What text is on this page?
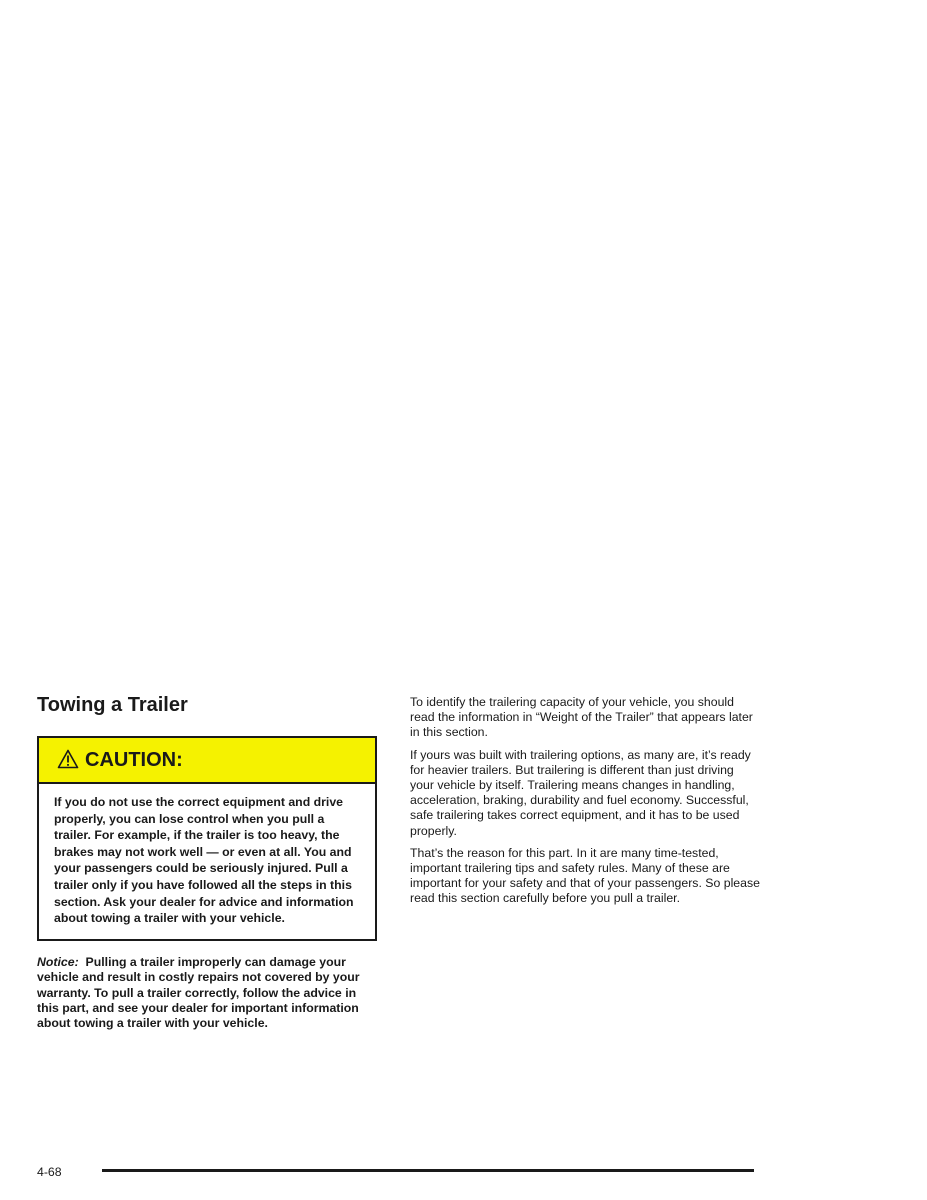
Towing a Trailer
CAUTION:
If you do not use the correct equipment and drive properly, you can lose control when you pull a trailer. For example, if the trailer is too heavy, the brakes may not work well — or even at all. You and your passengers could be seriously injured. Pull a trailer only if you have followed all the steps in this section. Ask your dealer for advice and information about towing a trailer with your vehicle.
Notice: Pulling a trailer improperly can damage your vehicle and result in costly repairs not covered by your warranty. To pull a trailer correctly, follow the advice in this part, and see your dealer for important information about towing a trailer with your vehicle.

To identify the trailering capacity of your vehicle, you should read the information in “Weight of the Trailer” that appears later in this section.

If yours was built with trailering options, as many are, it’s ready for heavier trailers. But trailering is different than just driving your vehicle by itself. Trailering means changes in handling, acceleration, braking, durability and fuel economy. Successful, safe trailering takes correct equipment, and it has to be used properly.

That’s the reason for this part. In it are many time-tested, important trailering tips and safety rules. Many of these are important for your safety and that of your passengers. So please read this section carefully before you pull a trailer.

4-68
